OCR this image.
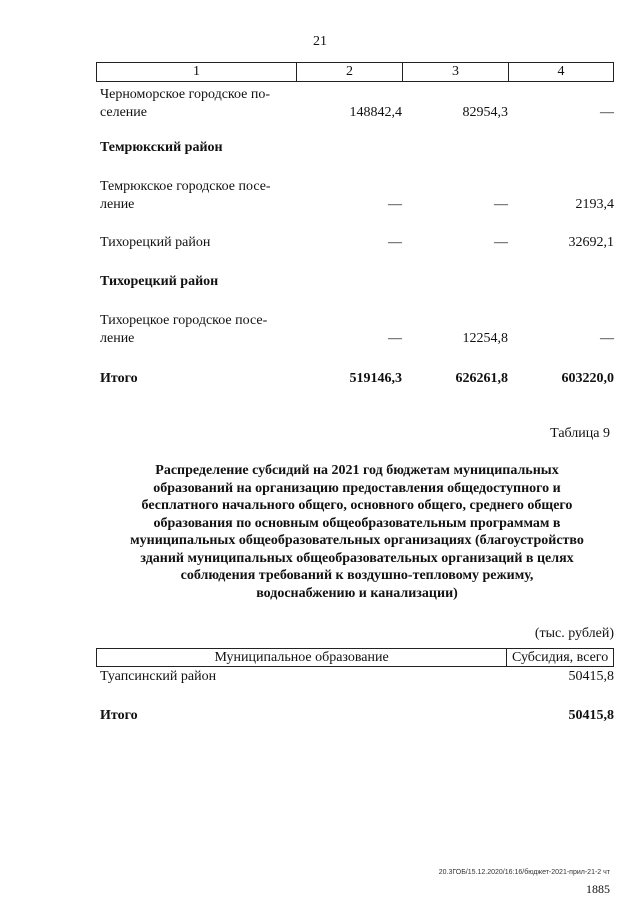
21
1	2	3	4
Черноморское городское по-
селение	148842,4	82954,3	—
Темрюкский район
Темрюкское городское посе-
ление	—	—	2193,4
Тихорецкий район	—	—	32692,1
Тихорецкий район
Тихорецкое городское посе-
ление	—	12254,8	—
Итого	519146,3	626261,8	603220,0
Таблица 9
Распределение субсидий на 2021 год бюджетам муниципальных
образований на организацию предоставления общедоступного и
бесплатного начального общего, основного общего, среднего общего
образования по основным общеобразовательным программам в
муниципальных общеобразовательных организациях (благоустройство
зданий муниципальных общеобразовательных организаций в целях
соблюдения требований к воздушно-тепловому режиму,
водоснабжению и канализации)
(тыс. рублей)
Муниципальное образование	Субсидия, всего
Туапсинский район	50415,8
Итого	50415,8
20.3ГОБ/15.12.2020/16:16/бюджет-2021-прил-21-2 чт
1885
